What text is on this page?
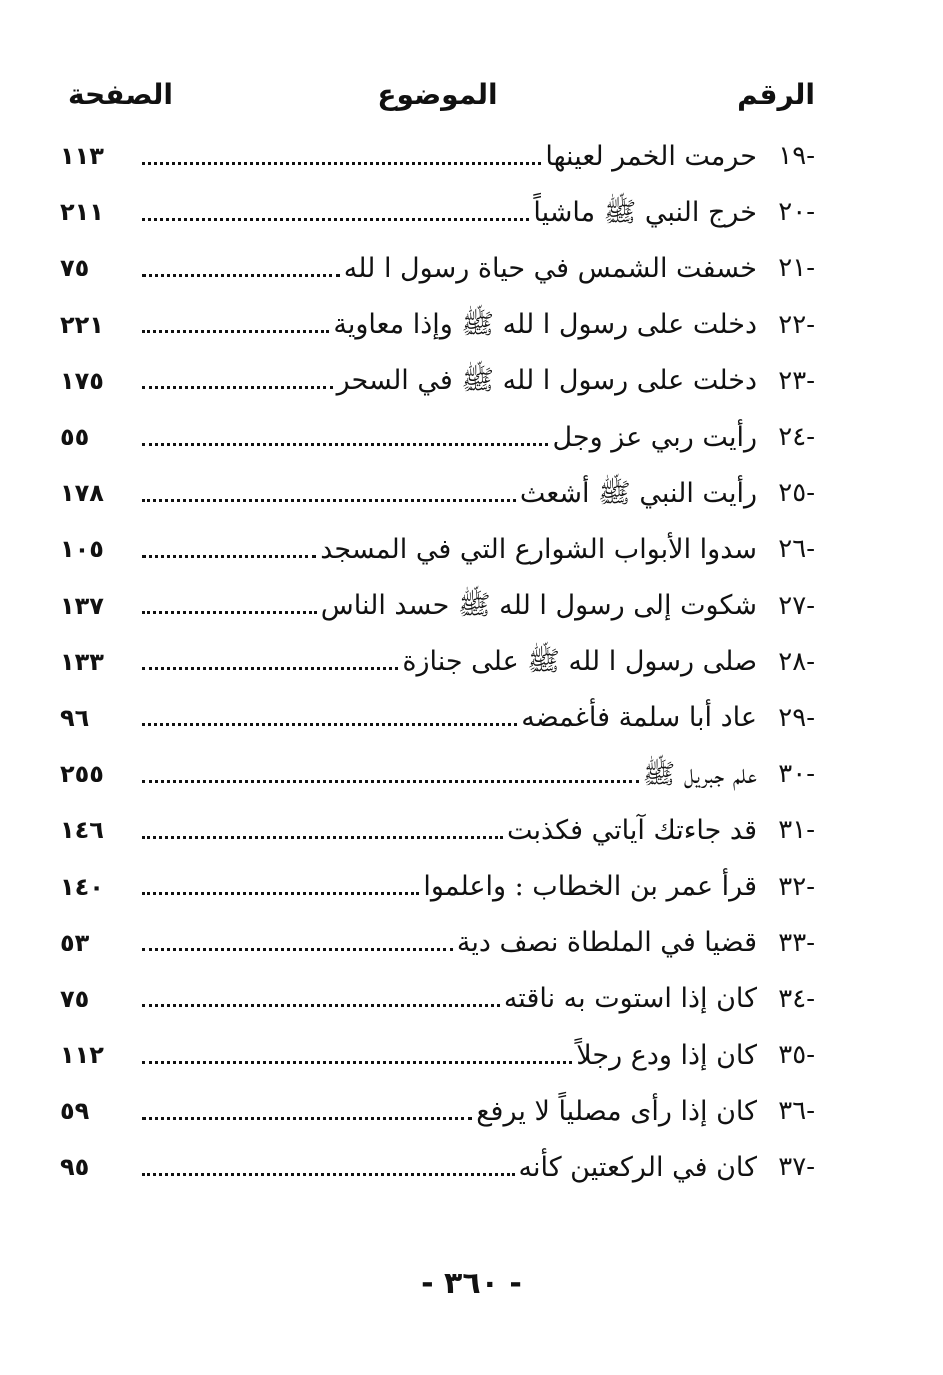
الرقم
الموضوع
الصفحة
١٩-
حرمت الخمر لعينها
١١٣
٢٠-
خرج النبي ﷺ ماشياً
٢١١
٢١-
خسفت الشمس في حياة رسول ا لله
٧٥
٢٢-
دخلت على رسول ا لله ﷺ وإذا معاوية
٢٢١
٢٣-
دخلت على رسول ا لله ﷺ في السحر
١٧٥
٢٤-
رأيت ربي عز وجل
٥٥
٢٥-
رأيت النبي ﷺ أشعث
١٧٨
٢٦-
سدوا الأبواب الشوارع التي في المسجد
١٠٥
٢٧-
شكوت إلى رسول ا لله ﷺ حسد الناس
١٣٧
٢٨-
صلى رسول ا لله ﷺ على جنازة
١٣٣
٢٩-
عاد أبا سلمة فأغمضه
٩٦
٣٠-
علم جبريل ﷺ
٢٥٥
٣١-
قد جاءتك آياتي فكذبت
١٤٦
٣٢-
قرأ عمر بن الخطاب : واعلموا
١٤٠
٣٣-
قضيا في الملطاة نصف دية
٥٣
٣٤-
كان إذا استوت به ناقته
٧٥
٣٥-
كان إذا ودع رجلاً
١١٢
٣٦-
كان إذا رأى مصلياً لا يرفع
٥٩
٣٧-
كان في الركعتين كأنه
٩٥
- ٣٦٠ -
